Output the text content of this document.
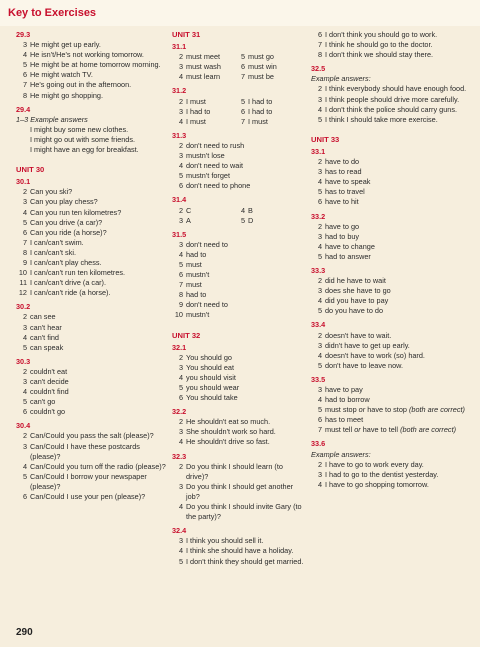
Key to Exercises
29.3
3 He might get up early.
4 He isn't/He's not working tomorrow.
5 He might be at home tomorrow morning.
6 He might watch TV.
7 He's going out in the afternoon.
8 He might go shopping.
29.4
1–3 Example answers
I might buy some new clothes.
I might go out with some friends.
I might have an egg for breakfast.
UNIT 30
30.1
2 Can you ski?
3 Can you play chess?
4 Can you run ten kilometres?
5 Can you drive (a car)?
6 Can you ride (a horse)?
7 I can/can't swim.
8 I can/can't ski.
9 I can/can't play chess.
10 I can/can't run ten kilometres.
11 I can/can't drive (a car).
12 I can/can't ride (a horse).
30.2
2 can see
3 can't hear
4 can't find
5 can speak
30.3
2 couldn't eat
3 can't decide
4 couldn't find
5 can't go
6 couldn't go
30.4
2 Can/Could you pass the salt (please)?
3 Can/Could I have these postcards (please)?
4 Can/Could you turn off the radio (please)?
5 Can/Could I borrow your newspaper (please)?
6 Can/Could I use your pen (please)?
UNIT 31
31.1
2 must meet	5 must go
3 must wash	6 must win
4 must learn	7 must be
31.2
2 I must	5 I had to
3 I had to	6 I had to
4 I must	7 I must
31.3
2 don't need to rush
3 mustn't lose
4 don't need to wait
5 mustn't forget
6 don't need to phone
31.4
2 C	4 B
3 A	5 D
31.5
3 don't need to
4 had to
5 must
6 mustn't
7 must
8 had to
9 don't need to
10 mustn't
UNIT 32
32.1
2 You should go
3 You should eat
4 you should visit
5 you should wear
6 You should take
32.2
2 He shouldn't eat so much.
3 She shouldn't work so hard.
4 He shouldn't drive so fast.
32.3
2 Do you think I should learn (to drive)?
3 Do you think I should get another job?
4 Do you think I should invite Gary (to the party)?
32.4
3 I think you should sell it.
4 I think she should have a holiday.
5 I don't think they should get married.
6 I don't think you should go to work.
7 I think he should go to the doctor.
8 I don't think we should stay there.
32.5
Example answers:
2 I think everybody should have enough food.
3 I think people should drive more carefully.
4 I don't think the police should carry guns.
5 I think I should take more exercise.
UNIT 33
33.1
2 have to do
3 has to read
4 have to speak
5 has to travel
6 have to hit
33.2
2 have to go
3 had to buy
4 have to change
5 had to answer
33.3
2 did he have to wait
3 does she have to go
4 did you have to pay
5 do you have to do
33.4
2 doesn't have to wait.
3 didn't have to get up early.
4 doesn't have to work (so) hard.
5 don't have to leave now.
33.5
3 have to pay
4 had to borrow
5 must stop or have to stop (both are correct)
6 has to meet
7 must tell or have to tell (both are correct)
33.6
Example answers:
2 I have to go to work every day.
3 I had to go to the dentist yesterday.
4 I have to go shopping tomorrow.
290
